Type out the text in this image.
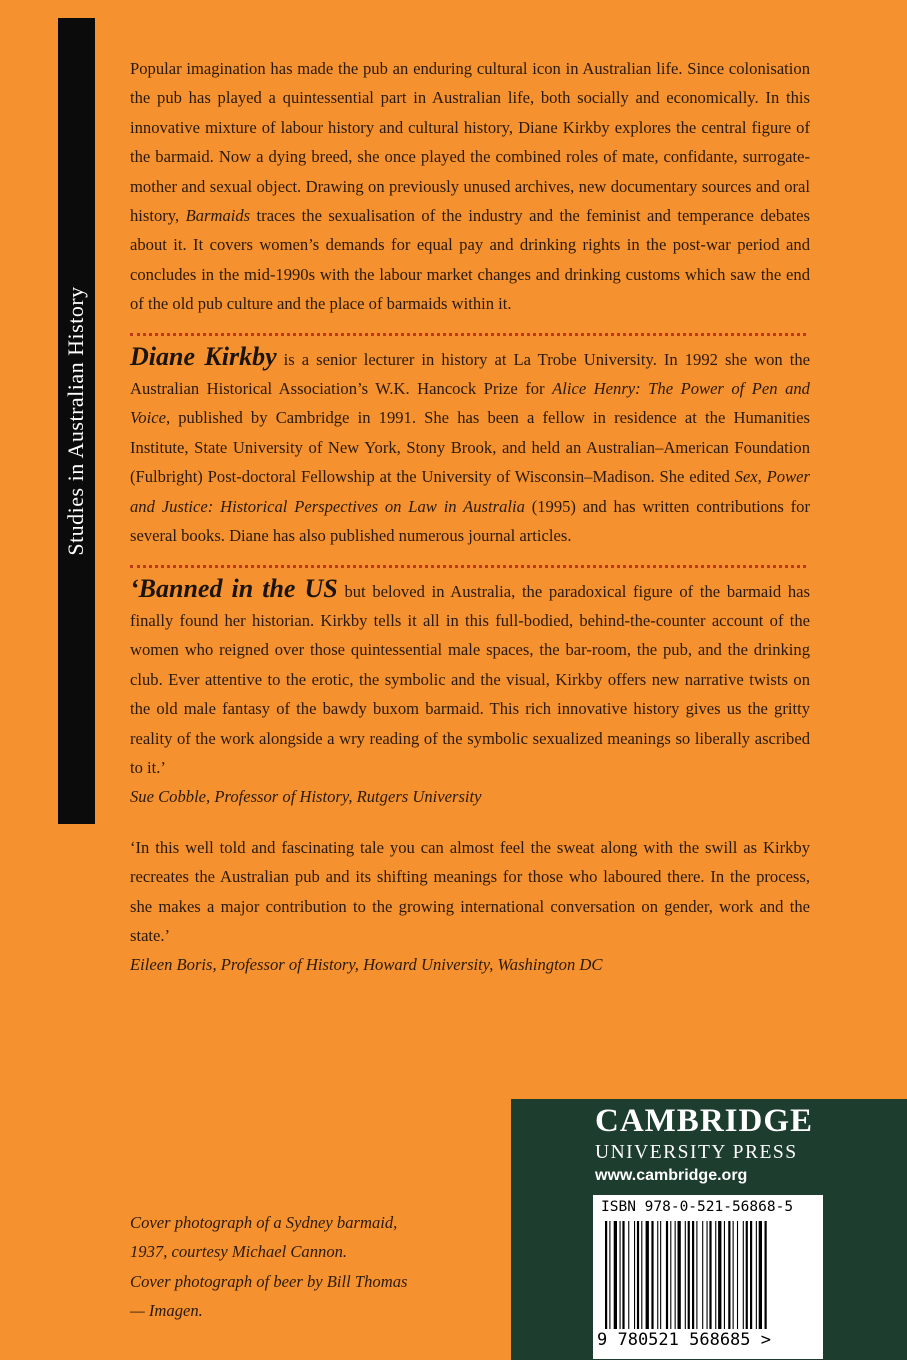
Studies in Australian History

Popular imagination has made the pub an enduring cultural icon in Australian life. Since colonisation the pub has played a quintessential part in Australian life, both socially and economically. In this innovative mixture of labour history and cultural history, Diane Kirkby explores the central figure of the barmaid. Now a dying breed, she once played the combined roles of mate, confidante, surrogate-mother and sexual object. Drawing on previously unused archives, new documentary sources and oral history, Barmaids traces the sexualisation of the industry and the feminist and temperance debates about it. It covers women’s demands for equal pay and drinking rights in the post-war period and concludes in the mid-1990s with the labour market changes and drinking customs which saw the end of the old pub culture and the place of barmaids within it.

Diane Kirkby is a senior lecturer in history at La Trobe University. In 1992 she won the Australian Historical Association’s W.K. Hancock Prize for Alice Henry: The Power of Pen and Voice, published by Cambridge in 1991. She has been a fellow in residence at the Humanities Institute, State University of New York, Stony Brook, and held an Australian–American Foundation (Fulbright) Post-doctoral Fellowship at the University of Wisconsin–Madison. She edited Sex, Power and Justice: Historical Perspectives on Law in Australia (1995) and has written contributions for several books. Diane has also published numerous journal articles.

‘Banned in the US but beloved in Australia, the paradoxical figure of the barmaid has finally found her historian. Kirkby tells it all in this full-bodied, behind-the-counter account of the women who reigned over those quintessential male spaces, the bar-room, the pub, and the drinking club. Ever attentive to the erotic, the symbolic and the visual, Kirkby offers new narrative twists on the old male fantasy of the bawdy buxom barmaid. This rich innovative history gives us the gritty reality of the work alongside a wry reading of the symbolic sexualized meanings so liberally ascribed to it.’

Sue Cobble, Professor of History, Rutgers University

‘In this well told and fascinating tale you can almost feel the sweat along with the swill as Kirkby recreates the Australian pub and its shifting meanings for those who laboured there. In the process, she makes a major contribution to the growing international conversation on gender, work and the state.’

Eileen Boris, Professor of History, Howard University, Washington DC

Cover photograph of a Sydney barmaid,

1937, courtesy Michael Cannon.

Cover photograph of beer by Bill Thomas

— Imagen.

CAMBRIDGE
UNIVERSITY PRESS
www.cambridge.org
ISBN 978-0-521-56868-5
9 780521 568685 >
